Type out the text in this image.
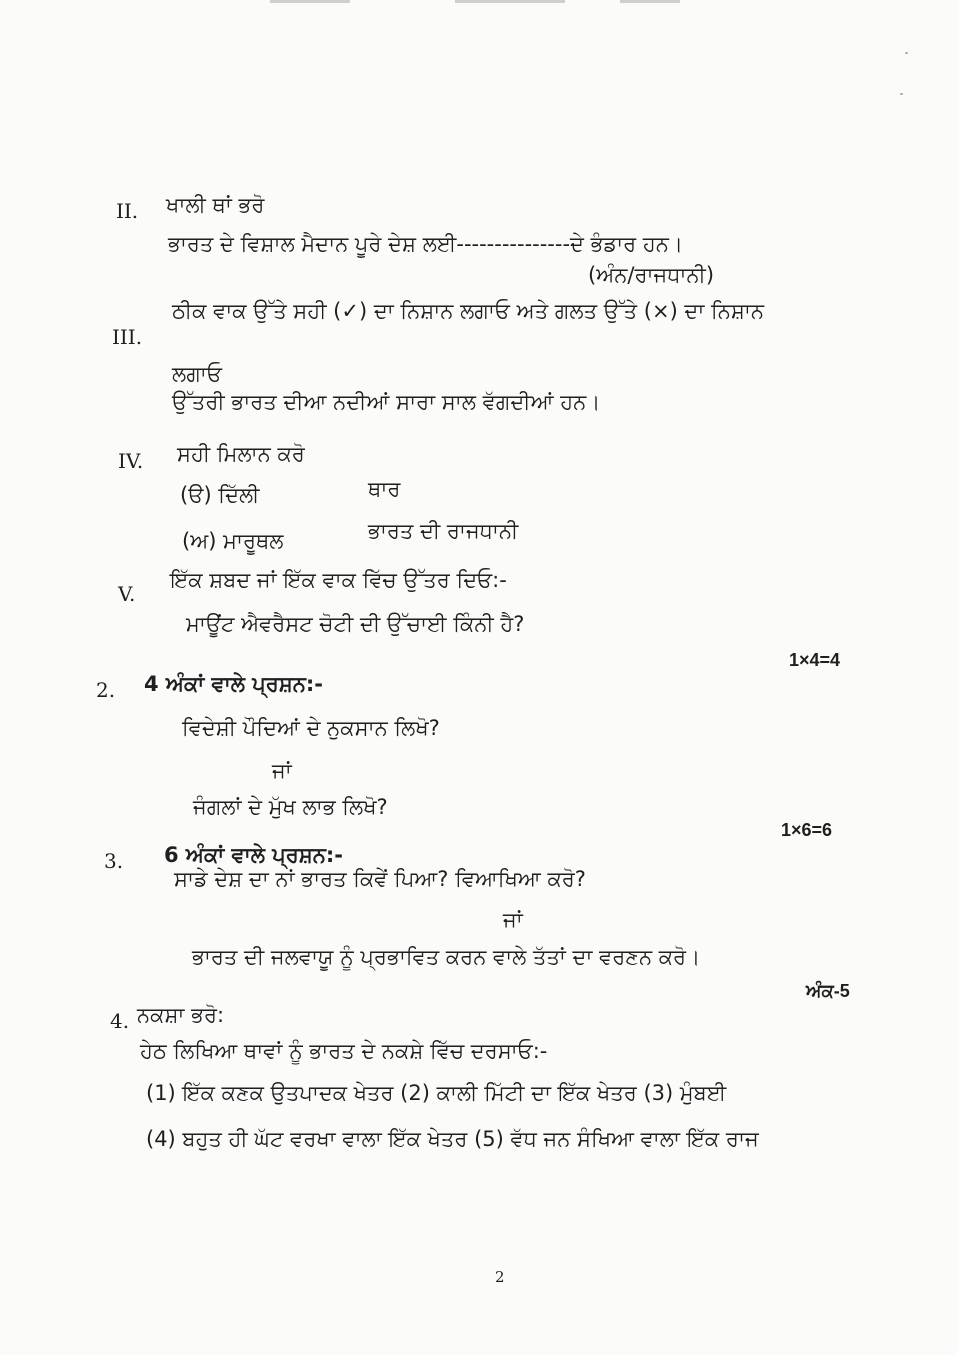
II. ਖਾਲੀ ਥਾਂ ਭਰੋ
ਭਾਰਤ ਦੇ ਵਿਸ਼ਾਲ ਮੈਦਾਨ ਪੂਰੇ ਦੇਸ਼ ਲਈ---------------ਦੇ ਭੰਡਾਰ ਹਨ।
(ਅੰਨ/ਰਾਜਧਾਨੀ)
III.
ਠੀਕ ਵਾਕ ਉੱਤੇ ਸਹੀ (✓) ਦਾ ਨਿਸ਼ਾਨ ਲਗਾਓ ਅਤੇ ਗਲਤ ਉੱਤੇ (×) ਦਾ ਨਿਸ਼ਾਨ
ਲਗਾਓ
ਉੱਤਰੀ ਭਾਰਤ ਦੀਆ ਨਦੀਆਂ ਸਾਰਾ ਸਾਲ ਵੱਗਦੀਆਂ ਹਨ।
IV. ਸਹੀ ਮਿਲਾਨ ਕਰੋ
(ੳ) ਦਿੱਲੀ	ਥਾਰ
(ਅ) ਮਾਰੂਥਲ	ਭਾਰਤ ਦੀ ਰਾਜਧਾਨੀ
V.
ਇੱਕ ਸ਼ਬਦ ਜਾਂ ਇੱਕ ਵਾਕ ਵਿੱਚ ਉੱਤਰ ਦਿਓ:-
ਮਾਊਂਟ ਐਵਰੈਸਟ ਚੋਟੀ ਦੀ ਉੱਚਾਈ ਕਿੰਨੀ ਹੈ?
1×4=4
2. 4 ਅੰਕਾਂ ਵਾਲੇ ਪ੍ਰਸ਼ਨ:-
ਵਿਦੇਸ਼ੀ ਪੌਦਿਆਂ ਦੇ ਨੁਕਸਾਨ ਲਿਖੋ?
ਜਾਂ
ਜੰਗਲਾਂ ਦੇ ਮੁੱਖ ਲਾਭ ਲਿਖੋ?
1×6=6
3. 6 ਅੰਕਾਂ ਵਾਲੇ ਪ੍ਰਸ਼ਨ:-
ਸਾਡੇ ਦੇਸ਼ ਦਾ ਨਾਂ ਭਾਰਤ ਕਿਵੇਂ ਪਿਆ? ਵਿਆਖਿਆ ਕਰੋ?
ਜਾਂ
ਭਾਰਤ ਦੀ ਜਲਵਾਯੂ ਨੂੰ ਪ੍ਰਭਾਵਿਤ ਕਰਨ ਵਾਲੇ ਤੱਤਾਂ ਦਾ ਵਰਣਨ ਕਰੋ।
ਅੰਕ-5
4. ਨਕਸ਼ਾ ਭਰੋ:
ਹੇਠ ਲਿਖਿਆ ਥਾਵਾਂ ਨੂੰ ਭਾਰਤ ਦੇ ਨਕਸ਼ੇ ਵਿੱਚ ਦਰਸਾਓ:-
(1) ਇੱਕ ਕਣਕ ਉਤਪਾਦਕ ਖੇਤਰ (2) ਕਾਲੀ ਮਿੱਟੀ ਦਾ ਇੱਕ ਖੇਤਰ (3) ਮੁੰਬਈ
(4) ਬਹੁਤ ਹੀ ਘੱਟ ਵਰਖਾ ਵਾਲਾ ਇੱਕ ਖੇਤਰ (5) ਵੱਧ ਜਨ ਸੰਖਿਆ ਵਾਲਾ ਇੱਕ ਰਾਜ
2
